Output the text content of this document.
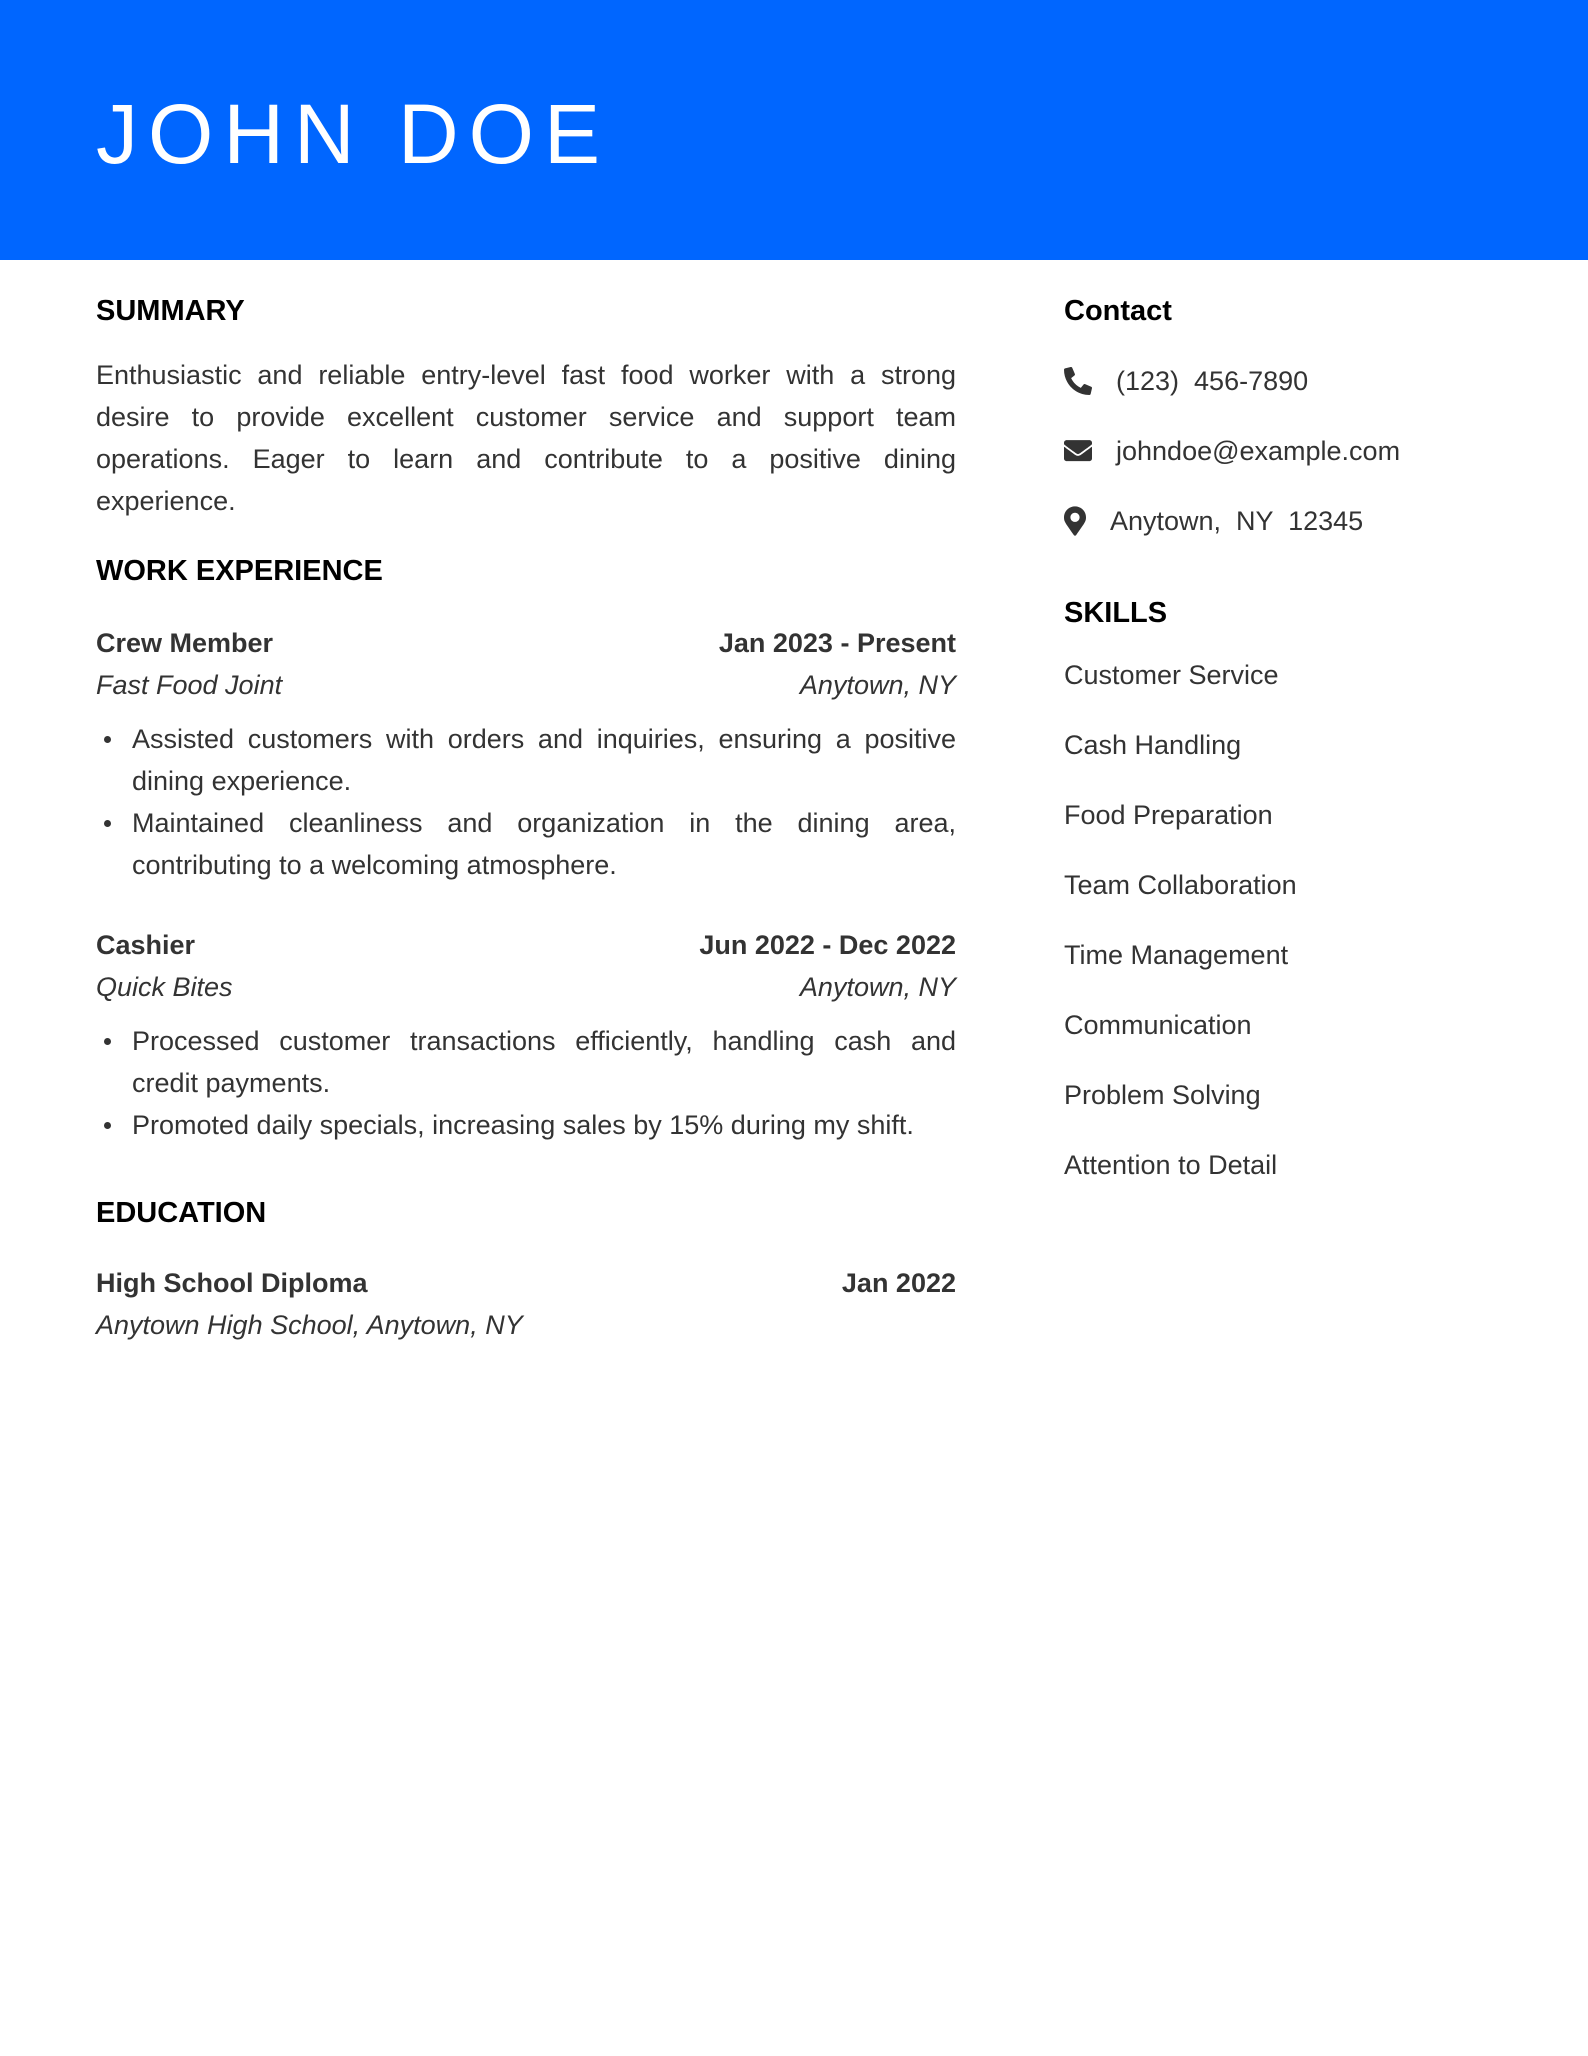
JOHN DOE
SUMMARY
Enthusiastic and reliable entry-level fast food worker with a strong desire to provide excellent customer service and support team operations. Eager to learn and contribute to a positive dining experience.
WORK EXPERIENCE
Crew Member	Jan 2023 - Present
Fast Food Joint	Anytown, NY
Assisted customers with orders and inquiries, ensuring a positive dining experience.
Maintained cleanliness and organization in the dining area, contributing to a welcoming atmosphere.
Cashier	Jun 2022 - Dec 2022
Quick Bites	Anytown, NY
Processed customer transactions efficiently, handling cash and credit payments.
Promoted daily specials, increasing sales by 15% during my shift.
EDUCATION
High School Diploma	Jan 2022
Anytown High School, Anytown, NY
Contact
(123)  456-7890
johndoe@example.com
Anytown,  NY  12345
SKILLS
Customer Service
Cash Handling
Food Preparation
Team Collaboration
Time Management
Communication
Problem Solving
Attention to Detail
